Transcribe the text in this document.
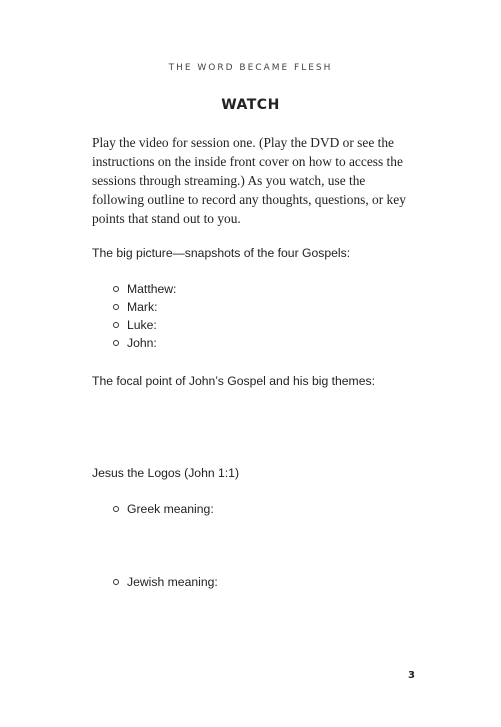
THE WORD BECAME FLESH
WATCH

Play the video for session one. (Play the DVD or see the instructions on the inside front cover on how to access the sessions through streaming.) As you watch, use the following outline to record any thoughts, questions, or key points that stand out to you.

The big picture—snapshots of the four Gospels:

Matthew:
Mark:
Luke:
John:

The focal point of John’s Gospel and his big themes:

Jesus the Logos (John 1:1)

Greek meaning:
Jewish meaning:
3
